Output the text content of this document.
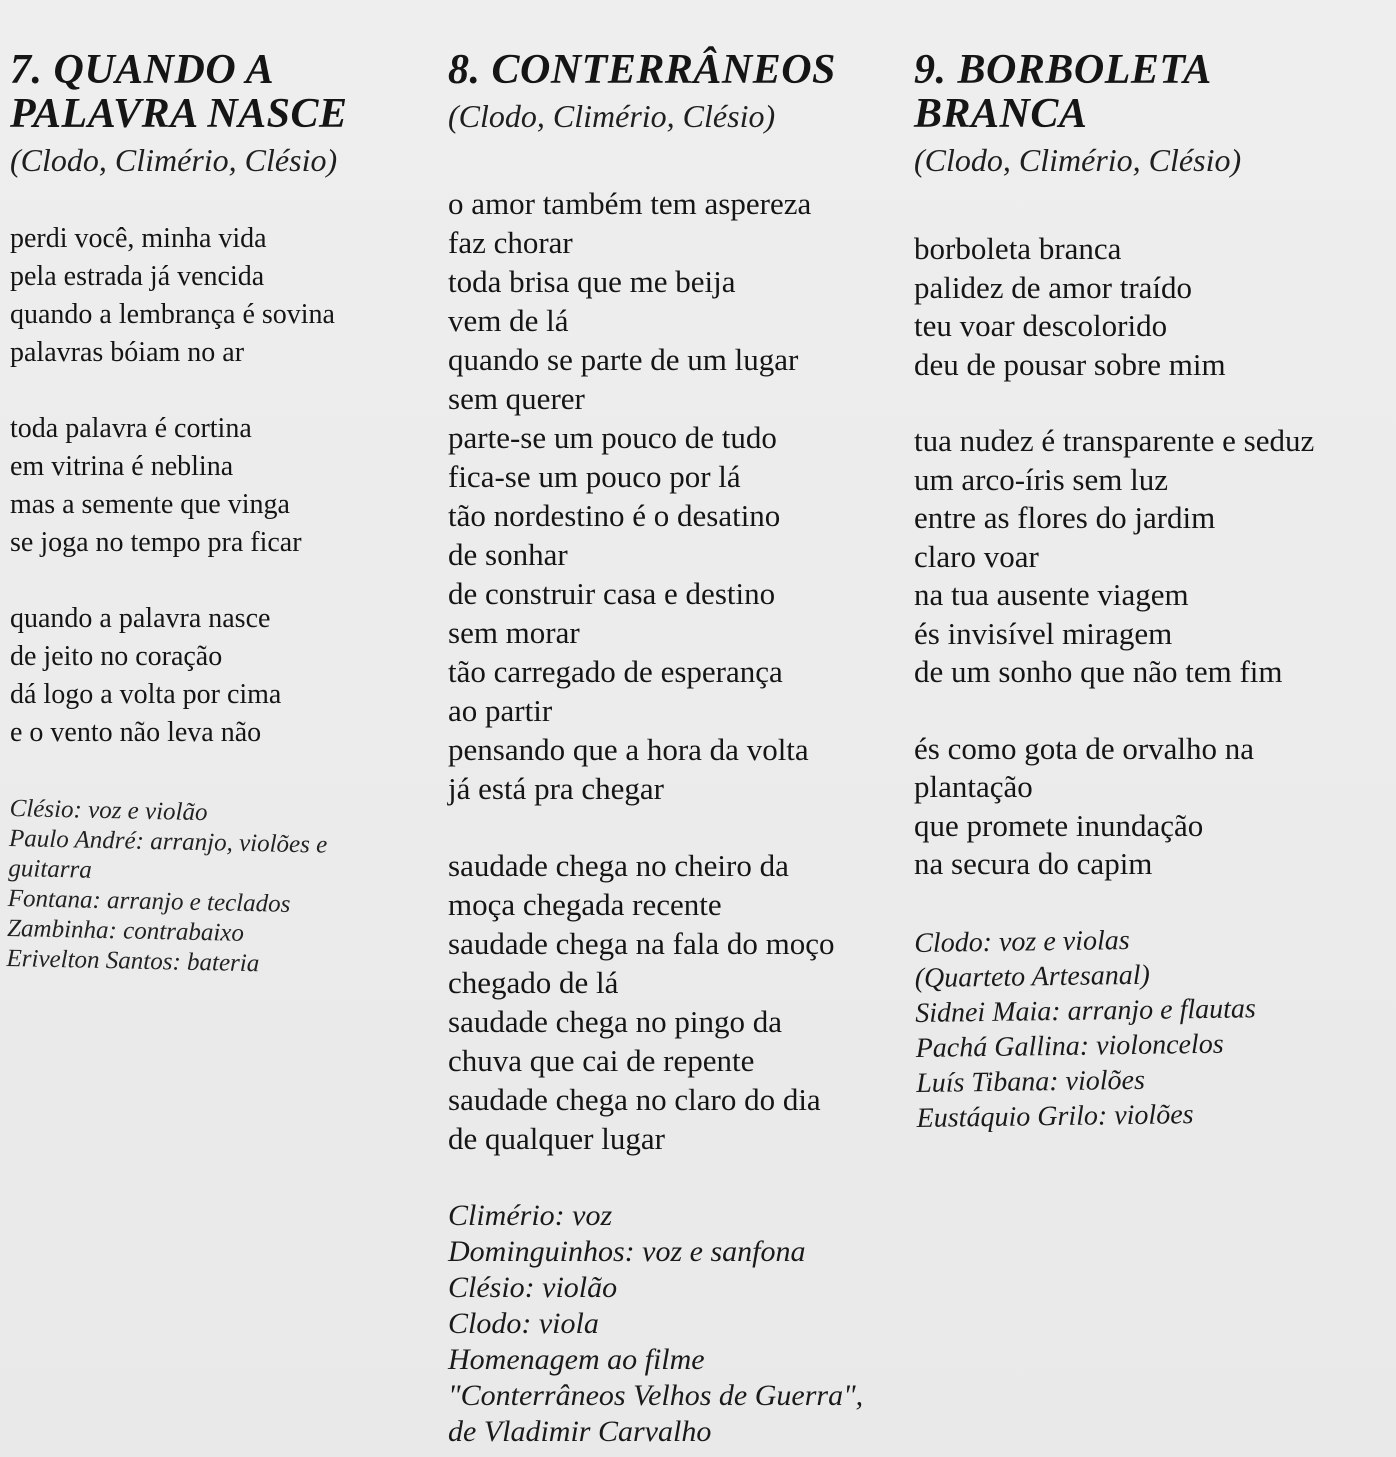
7. QUANDO A
PALAVRA NASCE

(Clodo, Climério, Clésio)

perdi você, minha vida
pela estrada já vencida
quando a lembrança é sovina
palavras bóiam no ar
toda palavra é cortina
em vitrina é neblina
mas a semente que vinga
se joga no tempo pra ficar
quando a palavra nasce
de jeito no coração
dá logo a volta por cima
e o vento não leva não
Clésio: voz e violão
Paulo André: arranjo, violões e guitarra
Fontana: arranjo e teclados
Zambinha: contrabaixo
Erivelton Santos: bateria
8. CONTERRÂNEOS

(Clodo, Climério, Clésio)

o amor também tem aspereza
faz chorar
toda brisa que me beija
vem de lá
quando se parte de um lugar
sem querer
parte-se um pouco de tudo
fica-se um pouco por lá
tão nordestino é o desatino
de sonhar
de construir casa e destino
sem morar
tão carregado de esperança
ao partir
pensando que a hora da volta
já está pra chegar
saudade chega no cheiro da
moça chegada recente
saudade chega na fala do moço
chegado de lá
saudade chega no pingo da
chuva que cai de repente
saudade chega no claro do dia
de qualquer lugar
Climério: voz
Dominguinhos: voz e sanfona
Clésio: violão
Clodo: viola
Homenagem ao filme
"Conterrâneos Velhos de Guerra",
de Vladimir Carvalho
9. BORBOLETA
BRANCA

(Clodo, Climério, Clésio)

borboleta branca
palidez de amor traído
teu voar descolorido
deu de pousar sobre mim
tua nudez é transparente e seduz
um arco-íris sem luz
entre as flores do jardim
claro voar
na tua ausente viagem
és invisível miragem
de um sonho que não tem fim
és como gota de orvalho na
plantação
que promete inundação
na secura do capim
Clodo: voz e violas
(Quarteto Artesanal)
Sidnei Maia: arranjo e flautas
Pachá Gallina: violoncelos
Luís Tibana: violões
Eustáquio Grilo: violões
